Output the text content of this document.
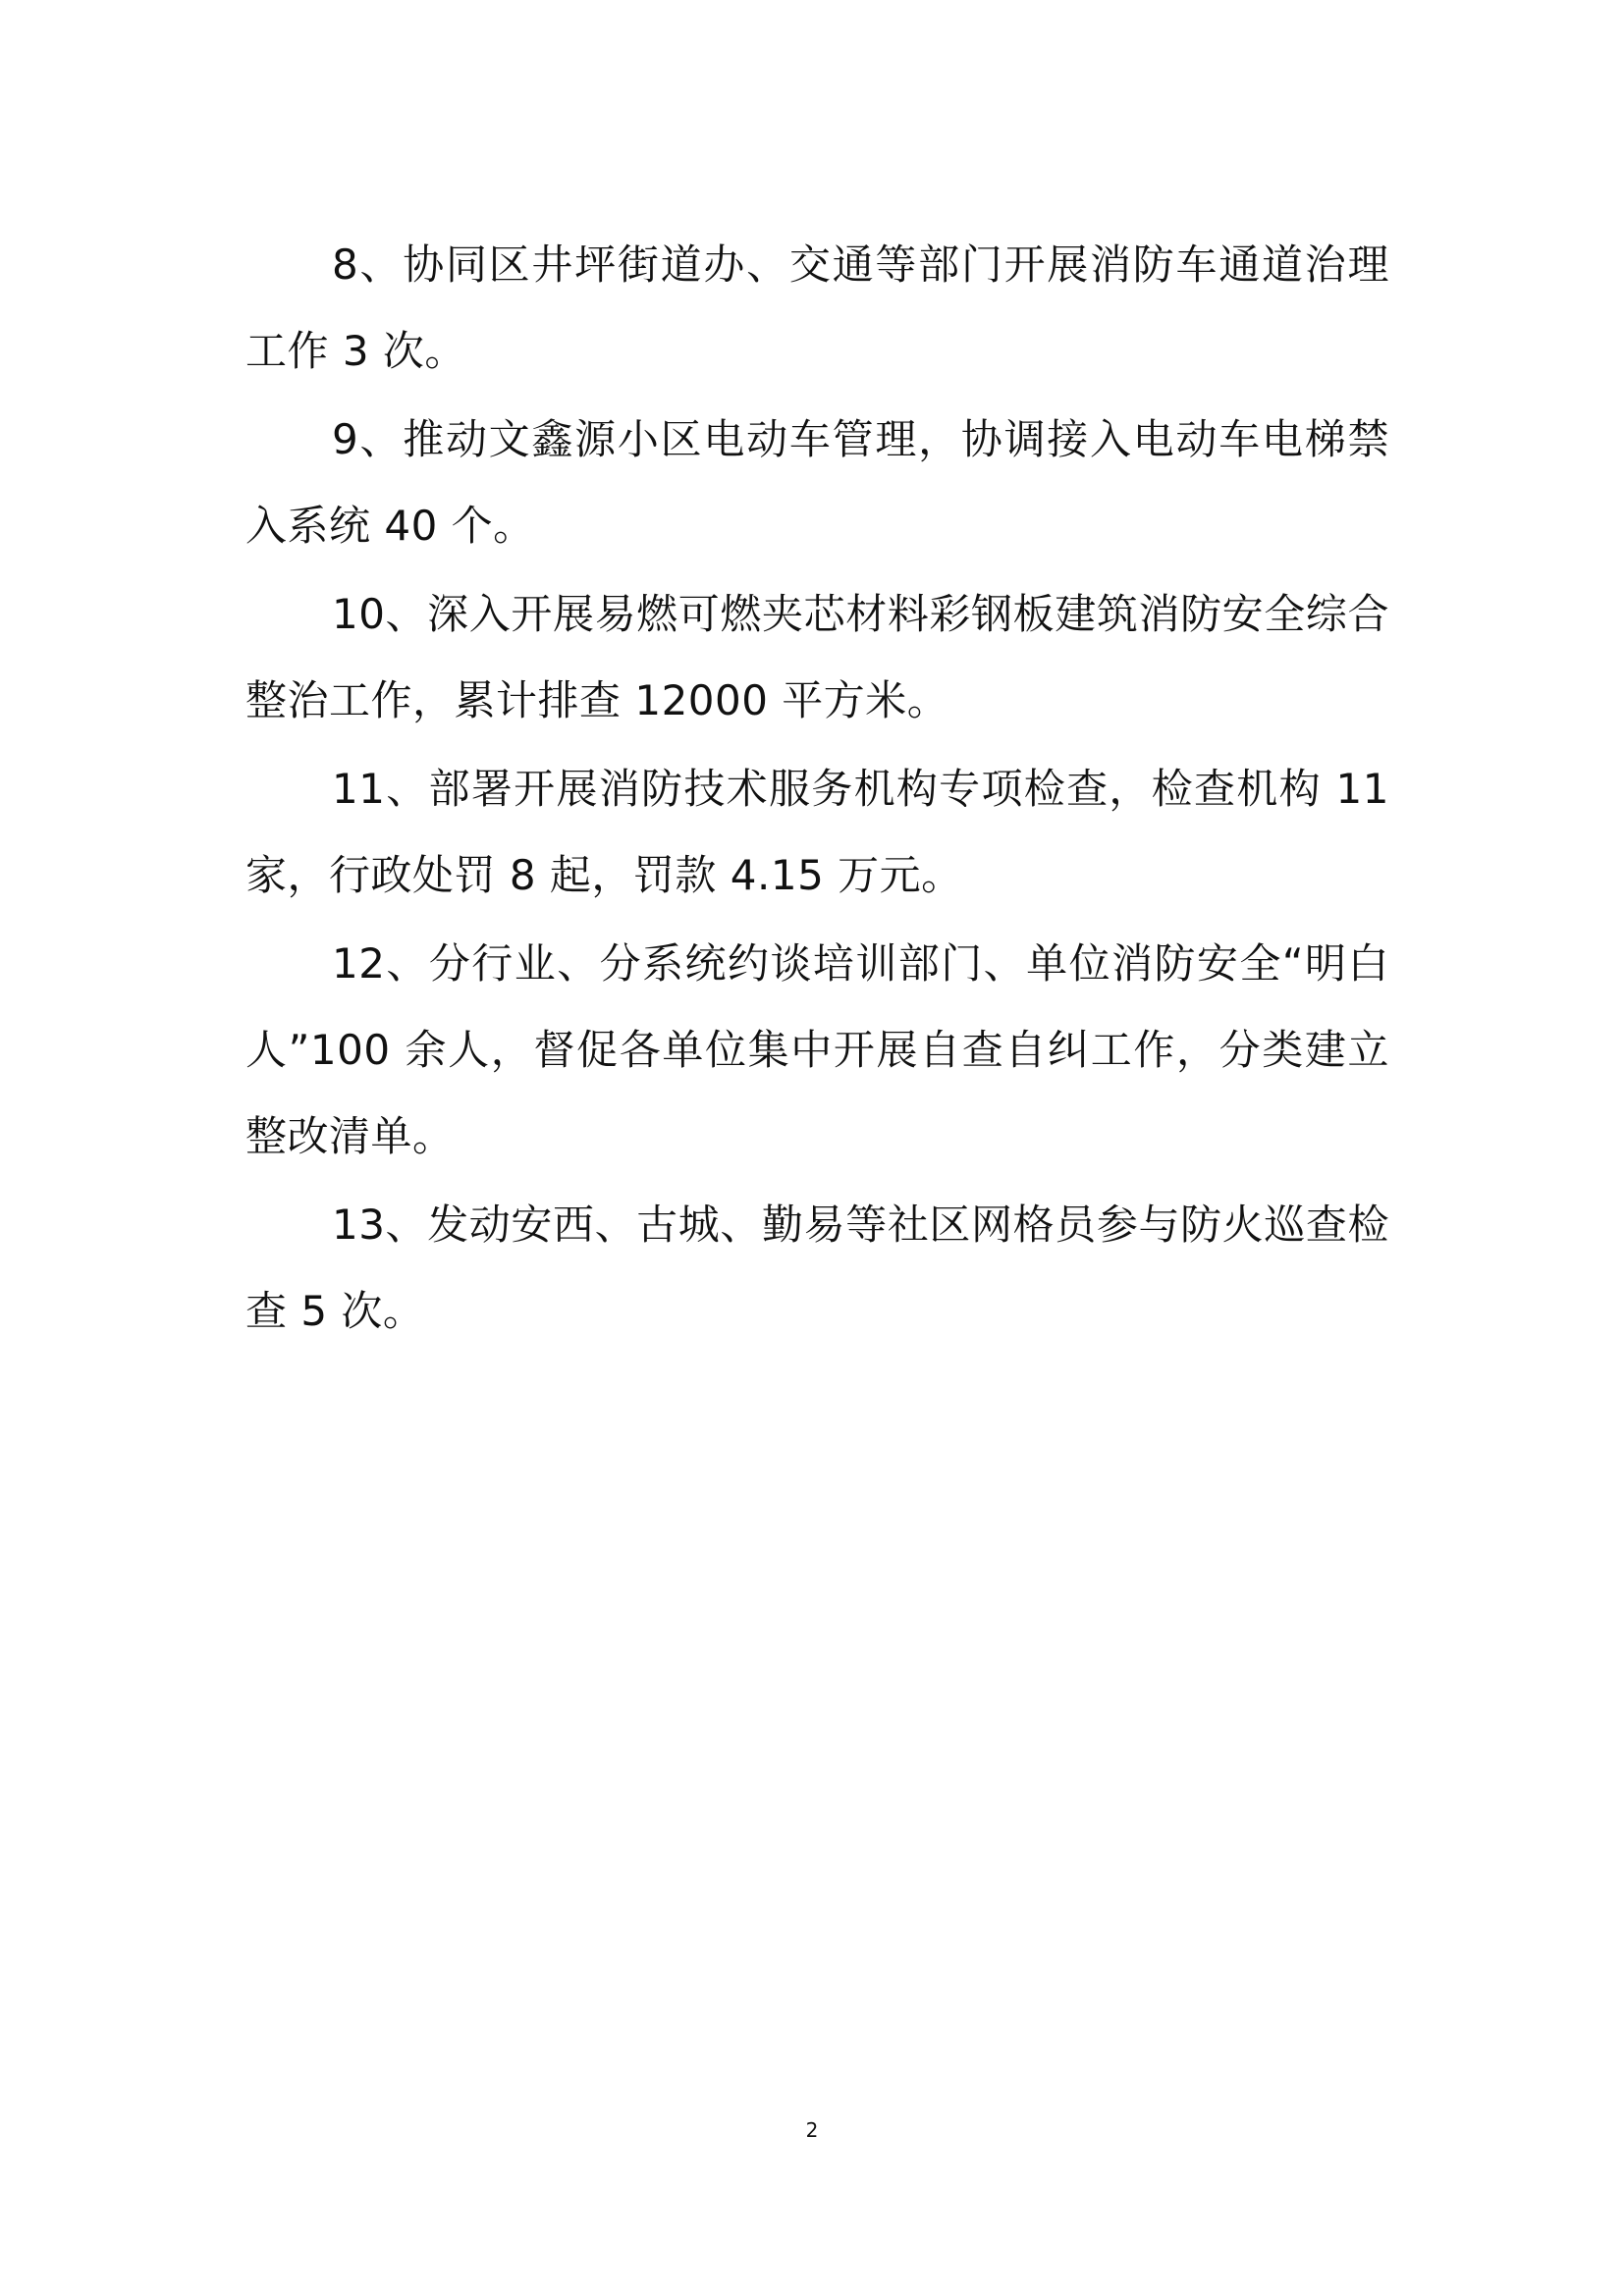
8、协同区井坪街道办、交通等部门开展消防车通道治理工作 3 次。

9、推动文鑫源小区电动车管理，协调接入电动车电梯禁入系统 40 个。

10、深入开展易燃可燃夹芯材料彩钢板建筑消防安全综合整治工作，累计排查 12000 平方米。

11、部署开展消防技术服务机构专项检查，检查机构 11 家，行政处罚 8 起，罚款 4.15 万元。

12、分行业、分系统约谈培训部门、单位消防安全“明白人”100 余人，督促各单位集中开展自查自纠工作，分类建立整改清单。

13、发动安西、古城、勤易等社区网格员参与防火巡查检查 5 次。

2
